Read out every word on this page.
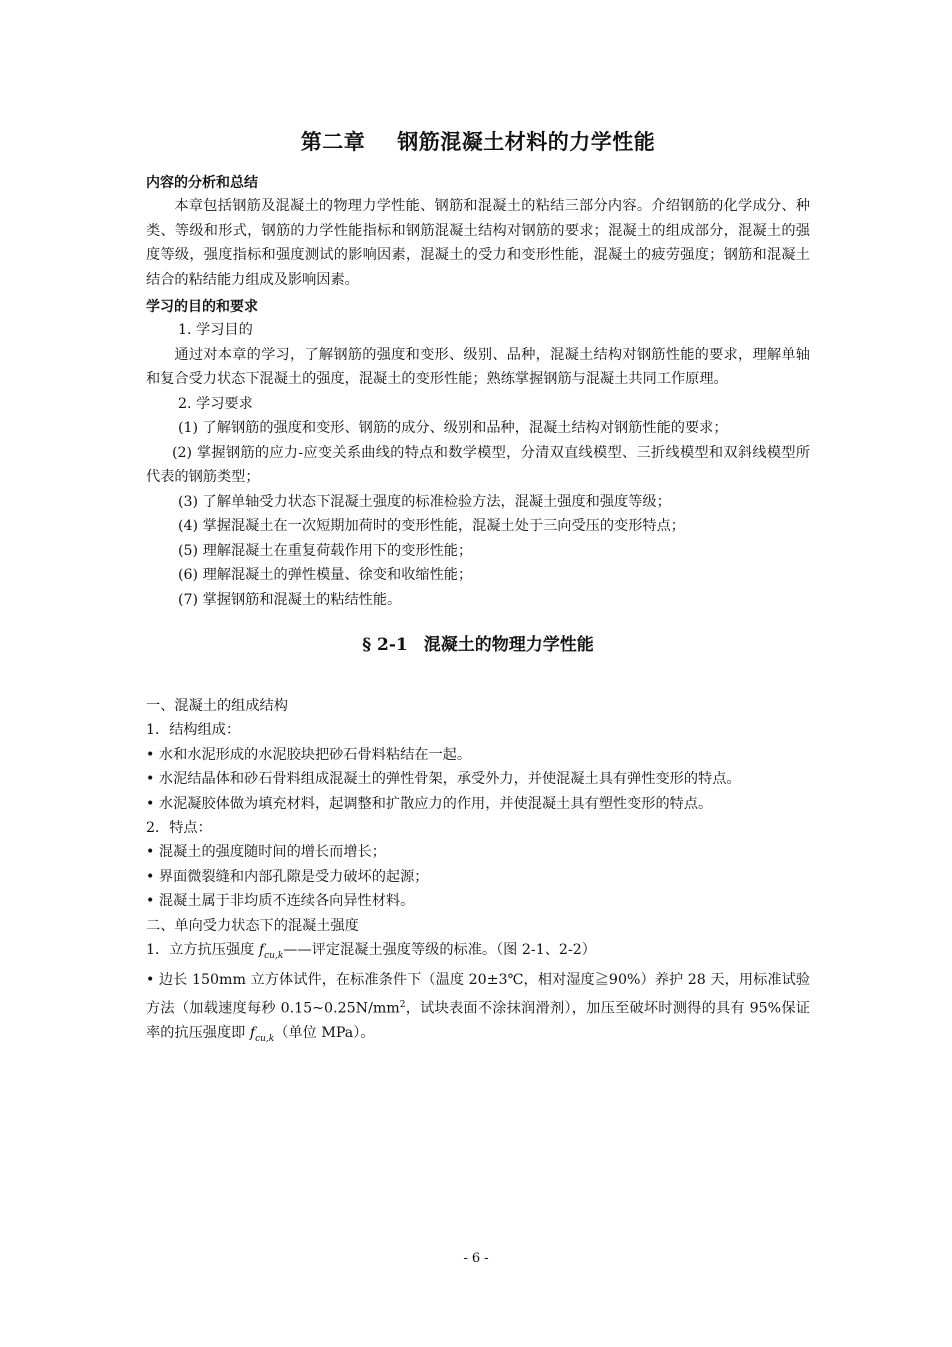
第二章 钢筋混凝土材料的力学性能
内容的分析和总结

本章包括钢筋及混凝土的物理力学性能、钢筋和混凝土的粘结三部分内容。介绍钢筋的化学成分、种类、等级和形式，钢筋的力学性能指标和钢筋混凝土结构对钢筋的要求；混凝土的组成部分，混凝土的强度等级，强度指标和强度测试的影响因素，混凝土的受力和变形性能，混凝土的疲劳强度；钢筋和混凝土结合的粘结能力组成及影响因素。

学习的目的和要求

1. 学习目的

通过对本章的学习，了解钢筋的强度和变形、级别、品种，混凝土结构对钢筋性能的要求，理解单轴和复合受力状态下混凝土的强度，混凝土的变形性能；熟练掌握钢筋与混凝土共同工作原理。

2. 学习要求

(1) 了解钢筋的强度和变形、钢筋的成分、级别和品种，混凝土结构对钢筋性能的要求；

(2) 掌握钢筋的应力-应变关系曲线的特点和数学模型，分清双直线模型、三折线模型和双斜线模型所代表的钢筋类型；

(3) 了解单轴受力状态下混凝土强度的标准检验方法，混凝土强度和强度等级；

(4) 掌握混凝土在一次短期加荷时的变形性能，混凝土处于三向受压的变形特点；

(5) 理解混凝土在重复荷载作用下的变形性能；

(6) 理解混凝土的弹性模量、徐变和收缩性能；

(7) 掌握钢筋和混凝土的粘结性能。

§ 2-1 混凝土的物理力学性能

一、混凝土的组成结构

1．结构组成：

• 水和水泥形成的水泥胶块把砂石骨料粘结在一起。

• 水泥结晶体和砂石骨料组成混凝土的弹性骨架，承受外力，并使混凝土具有弹性变形的特点。

• 水泥凝胶体做为填充材料，起调整和扩散应力的作用，并使混凝土具有塑性变形的特点。

2．特点：

• 混凝土的强度随时间的增长而增长；

• 界面微裂缝和内部孔隙是受力破坏的起源；

• 混凝土属于非均质不连续各向异性材料。

二、单向受力状态下的混凝土强度

1．立方抗压强度 $f_{cu,k}——$评定混凝土强度等级的标准。（图 2-1、2-2）

• 边长 150mm 立方体试件，在标准条件下（温度 20±3℃，相对湿度≧90%）养护 28 天，用标准试验方法（加载速度每秒 $0.15\sim 0.25N/mm^2$，试块表面不涂抹润滑剂），加压至破坏时测得的具有 95%保证率的抗压强度即 $f_{cu,k}$（单位 MPa）。

- 6 -
